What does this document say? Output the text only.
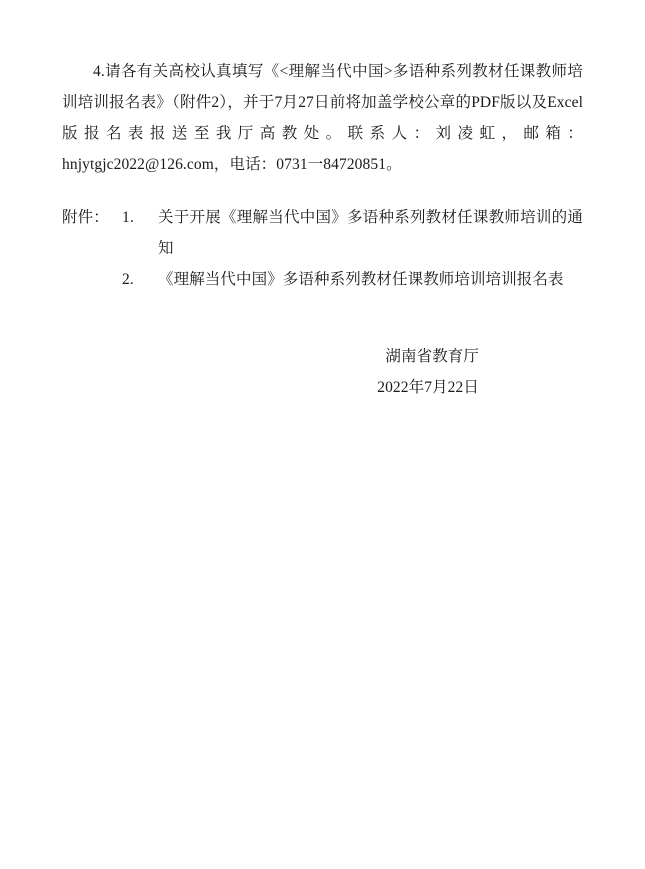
4.请各有关高校认真填写《<理解当代中国>多语种系列教材任课教师培训培训报名表》（附件2），并于7月27日前将加盖学校公章的PDF版以及Excel版报名表报送至我厅高教处。联系人：刘凌虹，邮箱：hnjytgjc2022@126.com，电话：0731一84720851。

附件： 1.	关于开展《理解当代中国》多语种系列教材任课教师培训的通知
2.	《理解当代中国》多语种系列教材任课教师培训培训报名表
湖南省教育厅
2022年7月22日
